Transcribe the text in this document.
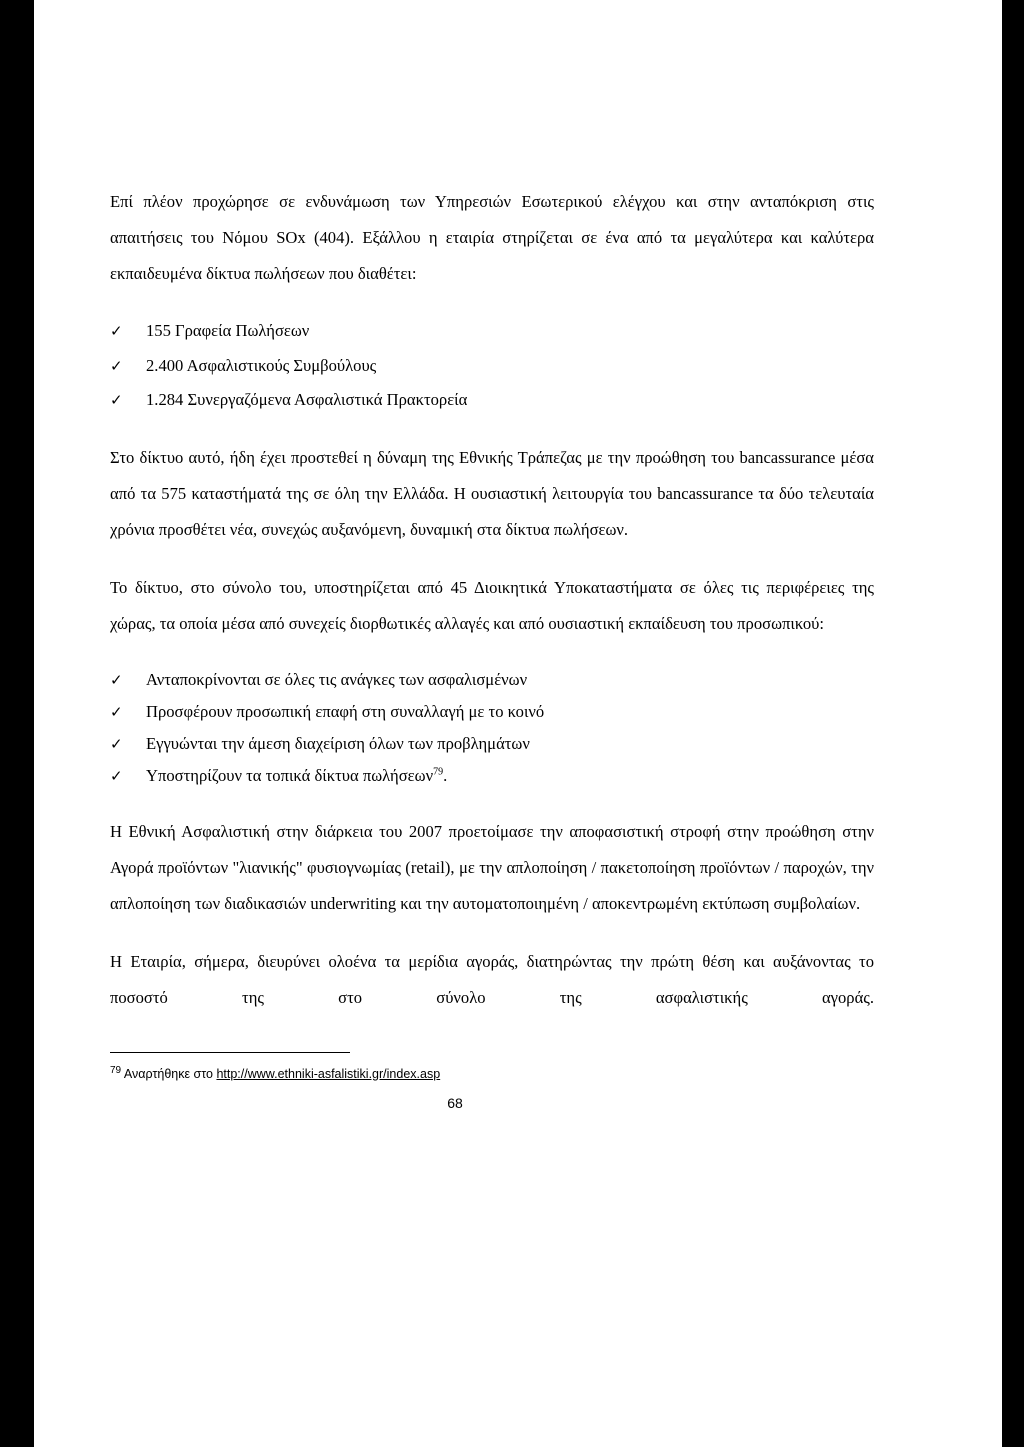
Επί πλέον προχώρησε σε ενδυνάμωση των Υπηρεσιών Εσωτερικού ελέγχου και στην ανταπόκριση στις απαιτήσεις του Νόμου SOx (404). Εξάλλου η εταιρία στηρίζεται σε ένα από τα μεγαλύτερα και καλύτερα εκπαιδευμένα δίκτυα πωλήσεων που διαθέτει:

✓ 155 Γραφεία Πωλήσεων
✓ 2.400 Ασφαλιστικούς Συμβούλους
✓ 1.284 Συνεργαζόμενα Ασφαλιστικά Πρακτορεία

Στο δίκτυο αυτό, ήδη έχει προστεθεί η δύναμη της Εθνικής Τράπεζας με την προώθηση του bancassurance μέσα από τα 575 καταστήματά της σε όλη την Ελλάδα. Η ουσιαστική λειτουργία του bancassurance τα δύο τελευταία χρόνια προσθέτει νέα, συνεχώς αυξανόμενη, δυναμική στα δίκτυα πωλήσεων.

Το δίκτυο, στο σύνολο του, υποστηρίζεται από 45 Διοικητικά Υποκαταστήματα σε όλες τις περιφέρειες της χώρας, τα οποία μέσα από συνεχείς διορθωτικές αλλαγές και από ουσιαστική εκπαίδευση του προσωπικού:

✓ Ανταποκρίνονται σε όλες τις ανάγκες των ασφαλισμένων
✓ Προσφέρουν προσωπική επαφή στη συναλλαγή με το κοινό
✓ Εγγυώνται την άμεση διαχείριση όλων των προβλημάτων
✓ Υποστηρίζουν τα τοπικά δίκτυα πωλήσεων$^{79}$.

Η Εθνική Ασφαλιστική στην διάρκεια του 2007 προετοίμασε την αποφασιστική στροφή στην προώθηση στην Αγορά προϊόντων "λιανικής" φυσιογνωμίας (retail), με την απλοποίηση / πακετοποίηση προϊόντων / παροχών, την απλοποίηση των διαδικασιών underwriting και την αυτοματοποιημένη / αποκεντρωμένη εκτύπωση συμβολαίων.

Η Εταιρία, σήμερα, διευρύνει ολοένα τα μερίδια αγοράς, διατηρώντας την πρώτη θέση και αυξάνοντας το ποσοστό της στο σύνολο της ασφαλιστικής αγοράς.

$^{79}$ Αναρτήθηκε στο http://www.ethniki-asfalistiki.gr/index.asp
68
